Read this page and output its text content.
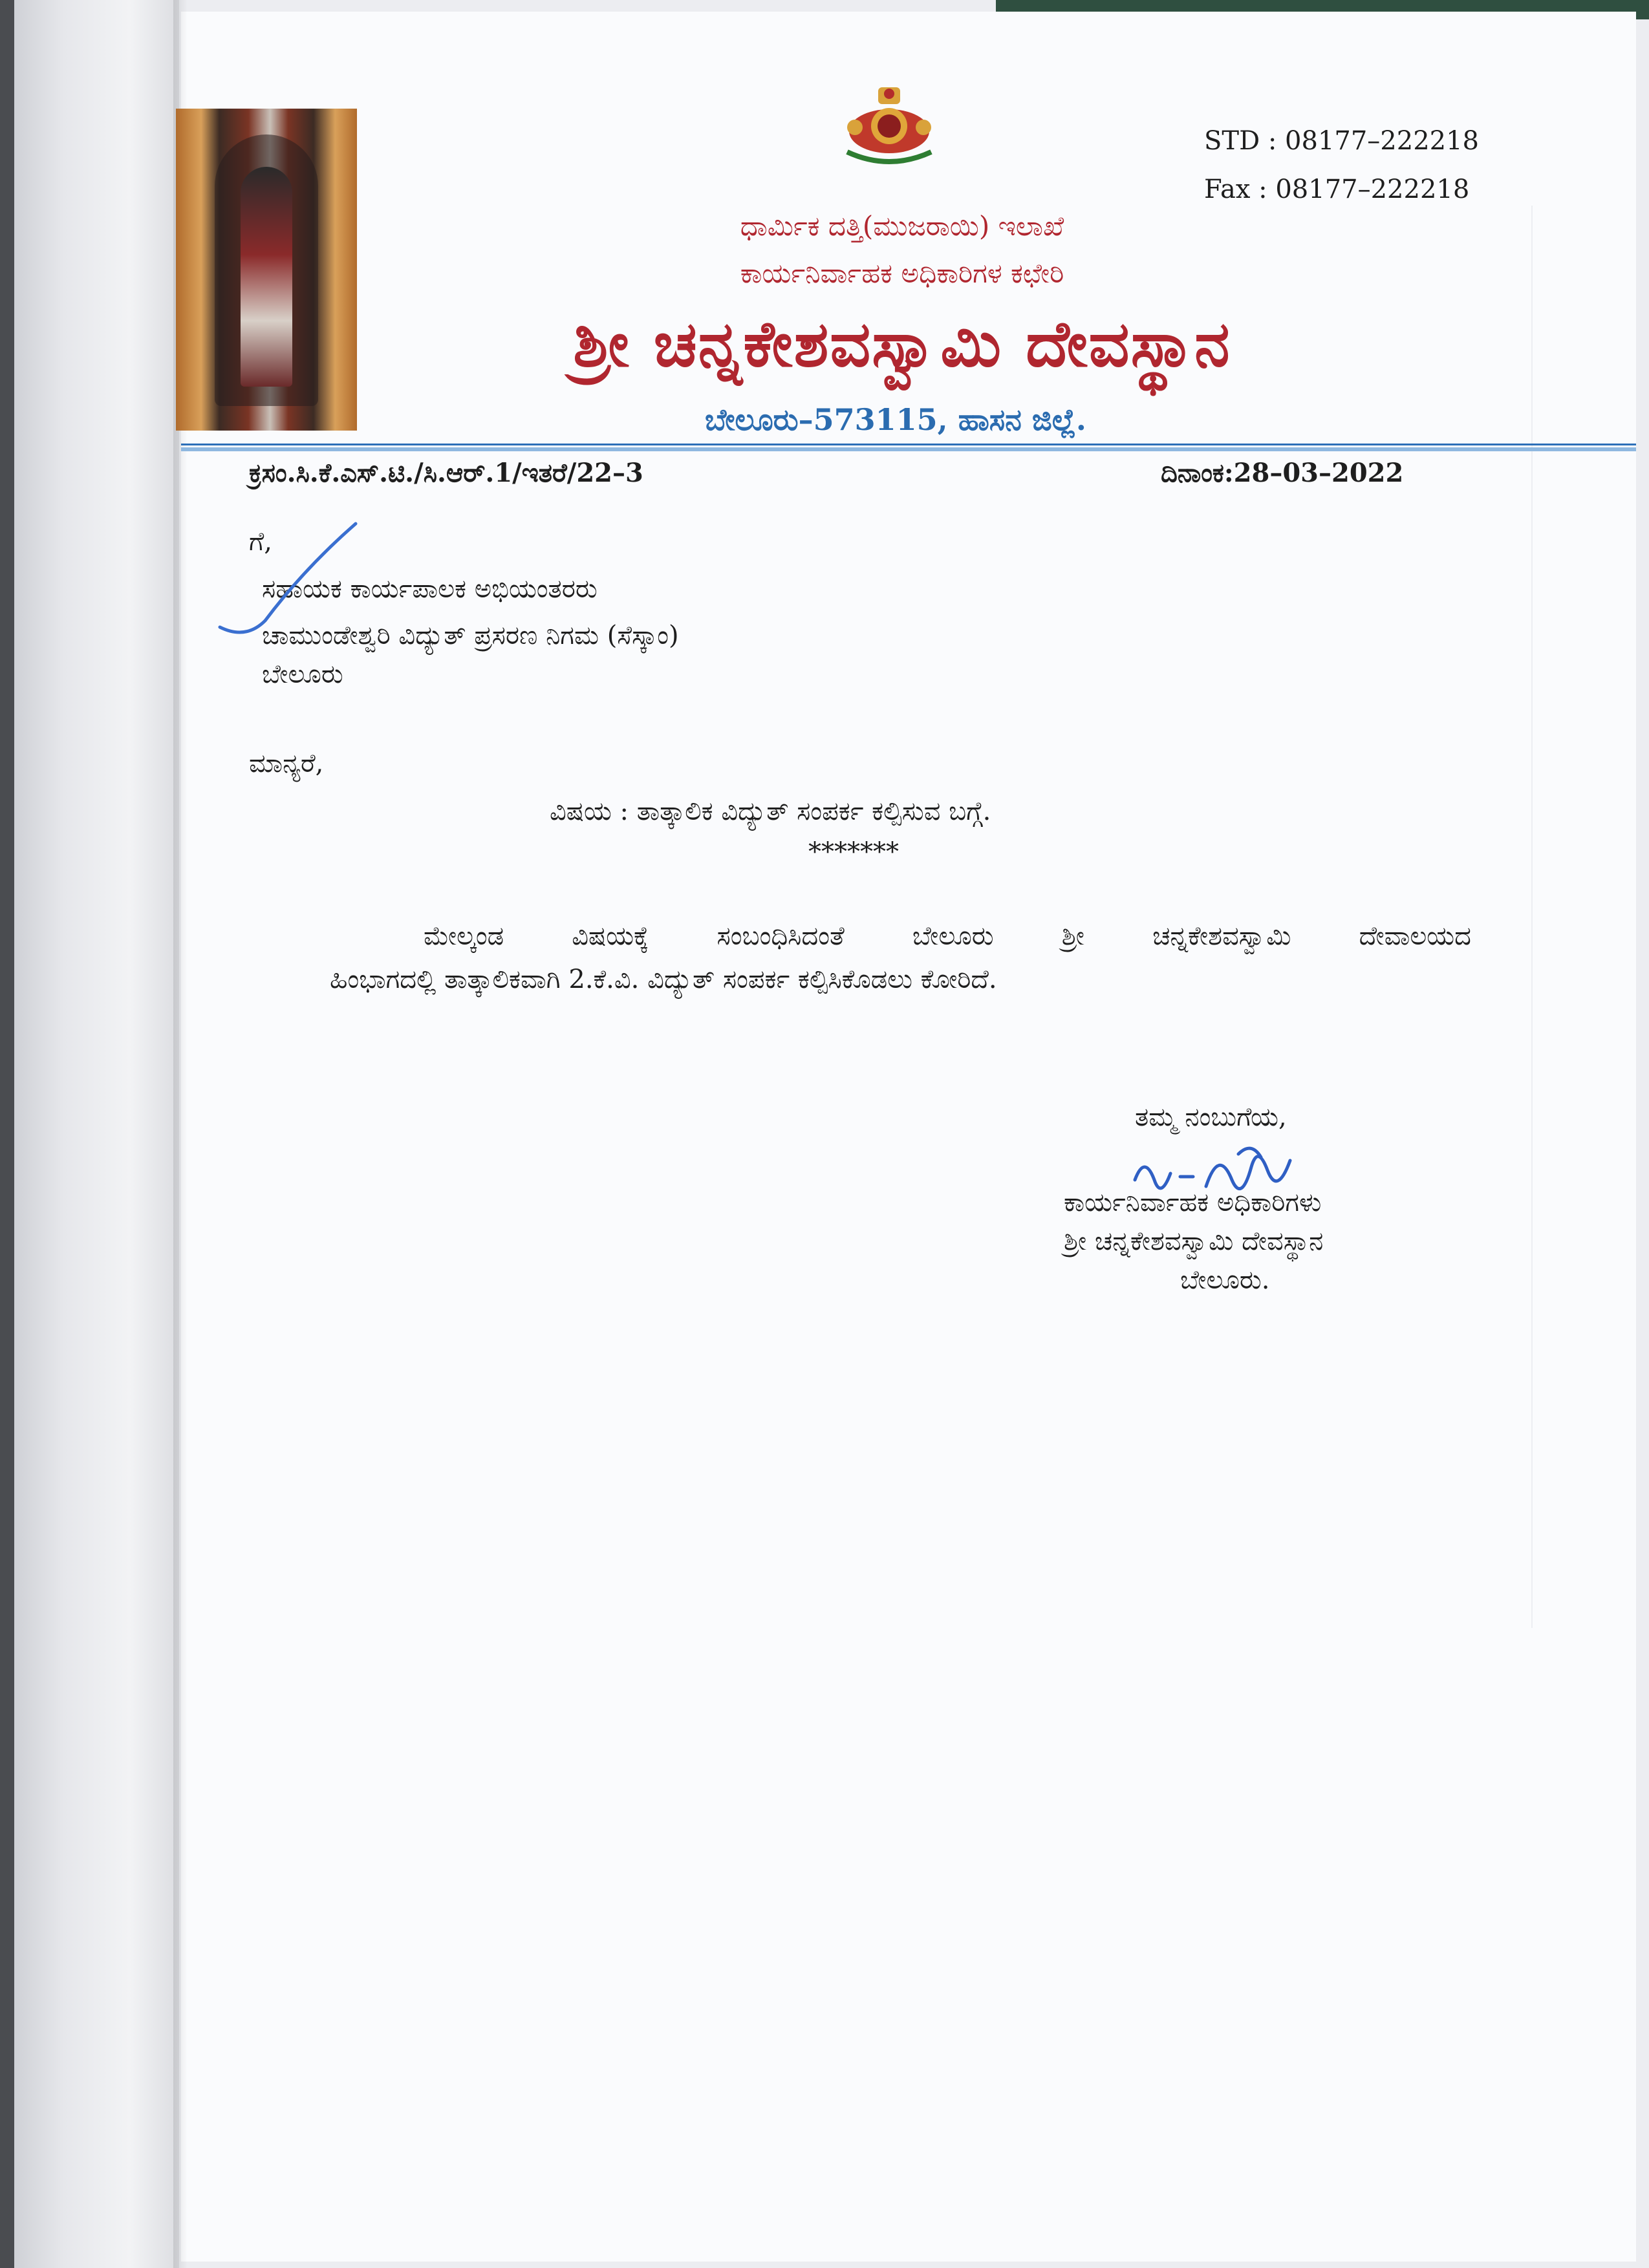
STD : 08177–222218
Fax : 08177–222218
ಧಾರ್ಮಿಕ ದತ್ತಿ(ಮುಜರಾಯಿ) ಇಲಾಖೆ
ಕಾರ್ಯನಿರ್ವಾಹಕ ಅಧಿಕಾರಿಗಳ ಕಛೇರಿ
ಶ್ರೀ ಚನ್ನಕೇಶವಸ್ವಾಮಿ ದೇವಸ್ಥಾನ
ಬೇಲೂರು–573115, ಹಾಸನ ಜಿಲ್ಲೆ.
ಕ್ರಸಂ.ಸಿ.ಕೆ.ಎಸ್.ಟಿ./ಸಿ.ಆರ್.1/ಇತರೆ/22–3	ದಿನಾಂಕ:28–03–2022
ಗೆ,
ಸಹಾಯಕ ಕಾರ್ಯಪಾಲಕ ಅಭಿಯಂತರರು
ಚಾಮುಂಡೇಶ್ವರಿ ವಿದ್ಯುತ್ ಪ್ರಸರಣ ನಿಗಮ (ಸೆಸ್ಕಾಂ)
ಬೇಲೂರು
ಮಾನ್ಯರೆ,
ವಿಷಯ : ತಾತ್ಕಾಲಿಕ ವಿದ್ಯುತ್ ಸಂಪರ್ಕ ಕಲ್ಪಿಸುವ ಬಗ್ಗೆ.
*******
ಮೇಲ್ಕಂಡ ವಿಷಯಕ್ಕೆ ಸಂಬಂಧಿಸಿದಂತೆ ಬೇಲೂರು ಶ್ರೀ ಚನ್ನಕೇಶವಸ್ವಾಮಿ ದೇವಾಲಯದ
ಹಿಂಭಾಗದಲ್ಲಿ ತಾತ್ಕಾಲಿಕವಾಗಿ 2.ಕೆ.ವಿ. ವಿದ್ಯುತ್ ಸಂಪರ್ಕ ಕಲ್ಪಿಸಿಕೊಡಲು ಕೋರಿದೆ.
ತಮ್ಮ ನಂಬುಗೆಯ,
ಕಾರ್ಯನಿರ್ವಾಹಕ ಅಧಿಕಾರಿಗಳು
ಶ್ರೀ ಚನ್ನಕೇಶವಸ್ವಾಮಿ ದೇವಸ್ಥಾನ
ಬೇಲೂರು.
